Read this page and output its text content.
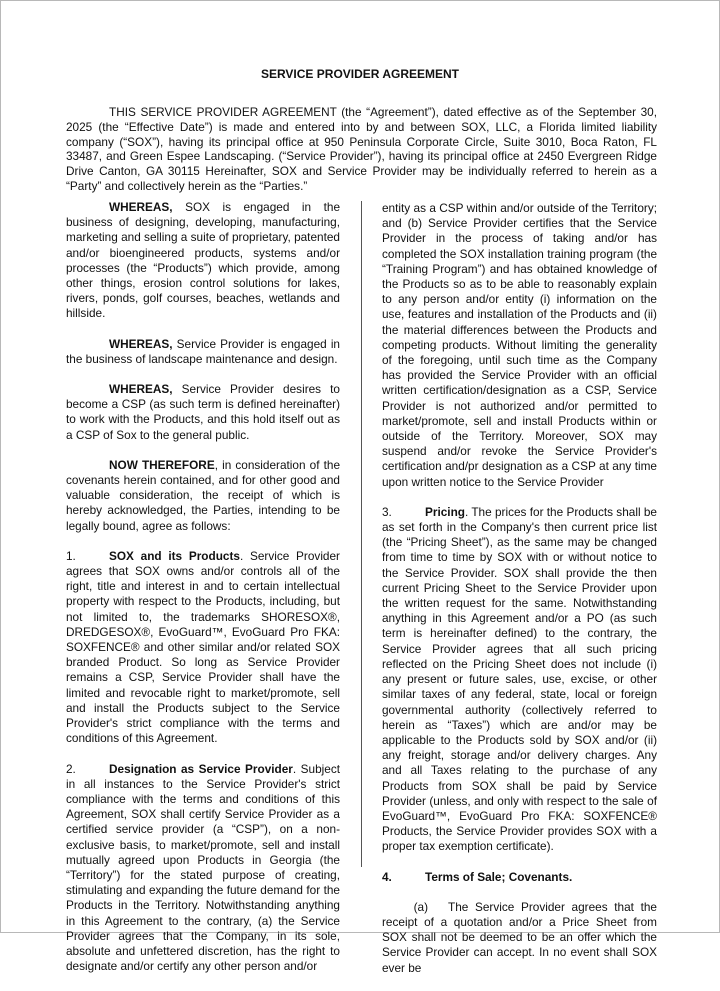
SERVICE PROVIDER AGREEMENT

THIS SERVICE PROVIDER AGREEMENT (the “Agreement”), dated effective as of the September 30, 2025 (the “Effective Date”) is made and entered into by and between SOX, LLC, a Florida limited liability company (“SOX”), having its principal office at 950 Peninsula Corporate Circle, Suite 3010, Boca Raton, FL 33487, and Green Espee Landscaping. (“Service Provider”), having its principal office at 2450 Evergreen Ridge Drive Canton, GA 30115 Hereinafter, SOX and Service Provider may be individually referred to herein as a “Party” and collectively herein as the “Parties.”

WHEREAS, SOX is engaged in the business of designing, developing, manufacturing, marketing and selling a suite of proprietary, patented and/or bioengineered products, systems and/or processes (the “Products”) which provide, among other things, erosion control solutions for lakes, rivers, ponds, golf courses, beaches, wetlands and hillside.

WHEREAS, Service Provider is engaged in the business of landscape maintenance and design.

WHEREAS, Service Provider desires to become a CSP (as such term is defined hereinafter) to work with the Products, and this hold itself out as a CSP of Sox to the general public.

NOW THEREFORE, in consideration of the covenants herein contained, and for other good and valuable consideration, the receipt of which is hereby acknowledged, the Parties, intending to be legally bound, agree as follows:

1.	SOX and its Products. Service Provider agrees that SOX owns and/or controls all of the right, title and interest in and to certain intellectual property with respect to the Products, including, but not limited to, the trademarks SHORESOX®, DREDGESOX®, EvoGuard™, EvoGuard Pro FKA: SOXFENCE® and other similar and/or related SOX branded Product. So long as Service Provider remains a CSP, Service Provider shall have the limited and revocable right to market/promote, sell and install the Products subject to the Service Provider's strict compliance with the terms and conditions of this Agreement.

2.	Designation as Service Provider. Subject in all instances to the Service Provider's strict compliance with the terms and conditions of this Agreement, SOX shall certify Service Provider as a certified service provider (a “CSP”), on a non-exclusive basis, to market/promote, sell and install mutually agreed upon Products in Georgia (the “Territory”) for the stated purpose of creating, stimulating and expanding the future demand for the Products in the Territory. Notwithstanding anything in this Agreement to the contrary, (a) the Service Provider agrees that the Company, in its sole, absolute and unfettered discretion, has the right to designate and/or certify any other person and/or

entity as a CSP within and/or outside of the Territory; and (b) Service Provider certifies that the Service Provider in the process of taking and/or has completed the SOX installation training program (the “Training Program”) and has obtained knowledge of the Products so as to be able to reasonably explain to any person and/or entity (i) information on the use, features and installation of the Products and (ii) the material differences between the Products and competing products. Without limiting the generality of the foregoing, until such time as the Company has provided the Service Provider with an official written certification/designation as a CSP, Service Provider is not authorized and/or permitted to market/promote, sell and install Products within or outside of the Territory. Moreover, SOX may suspend and/or revoke the Service Provider's certification and/pr designation as a CSP at any time upon written notice to the Service Provider

3.	Pricing. The prices for the Products shall be as set forth in the Company's then current price list (the “Pricing Sheet”), as the same may be changed from time to time by SOX with or without notice to the Service Provider. SOX shall provide the then current Pricing Sheet to the Service Provider upon the written request for the same. Notwithstanding anything in this Agreement and/or a PO (as such term is hereinafter defined) to the contrary, the Service Provider agrees that all such pricing reflected on the Pricing Sheet does not include (i) any present or future sales, use, excise, or other similar taxes of any federal, state, local or foreign governmental authority (collectively referred to herein as “Taxes”) which are and/or may be applicable to the Products sold by SOX and/or (ii) any freight, storage and/or delivery charges. Any and all Taxes relating to the purchase of any Products from SOX shall be paid by Service Provider (unless, and only with respect to the sale of EvoGuard™, EvoGuard Pro FKA: SOXFENCE® Products, the Service Provider provides SOX with a proper tax exemption certificate).

4.	Terms of Sale; Covenants.

(a) The Service Provider agrees that the receipt of a quotation and/or a Price Sheet from SOX shall not be deemed to be an offer which the Service Provider can accept. In no event shall SOX ever be
